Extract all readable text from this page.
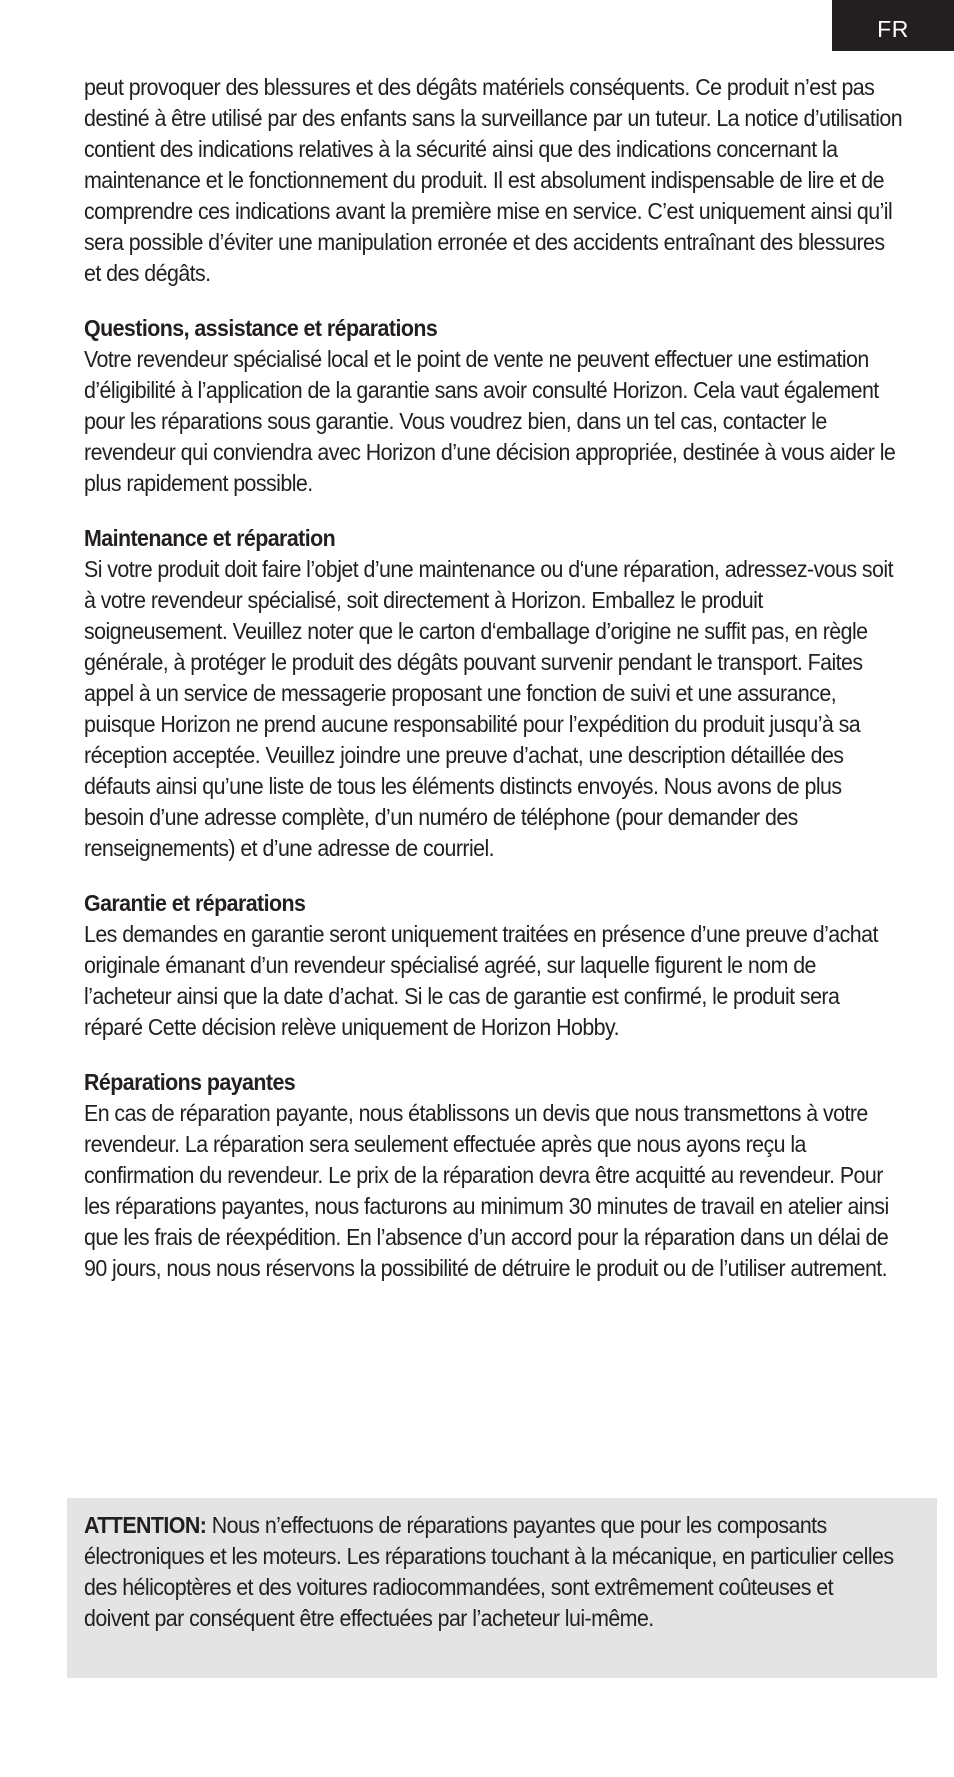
FR

peut provoquer des blessures et des dégâts matériels conséquents. Ce produit n’est pas destiné à être utilisé par des enfants sans la surveillance par un tuteur. La notice d’utilisation contient des indications relatives à la sécurité ainsi que des indications concernant la maintenance et le fonctionnement du produit. Il est absolument indispensable de lire et de comprendre ces indications avant la première mise en service. C’est uniquement ainsi qu’il sera possible d’éviter une manipulation erronée et des accidents entraînant des blessures et des dégâts.

Questions, assistance et réparations

Votre revendeur spécialisé local et le point de vente ne peuvent effectuer une estimation d’éligibilité à l’application de la garantie sans avoir consulté Horizon. Cela vaut également pour les réparations sous garantie. Vous voudrez bien, dans un tel cas, contacter le revendeur qui conviendra avec Horizon d’une décision appropriée, destinée à vous aider le plus rapidement possible.

Maintenance et réparation

Si votre produit doit faire l’objet d’une maintenance ou d‘une réparation, adressez-vous soit à votre revendeur spécialisé, soit directement à Horizon. Emballez le produit soigneusement. Veuillez noter que le carton d‘emballage d’origine ne suffit pas, en règle générale, à protéger le produit des dégâts pouvant survenir pendant le transport. Faites appel à un service de messagerie proposant une fonction de suivi et une assurance, puisque Horizon ne prend aucune responsabilité pour l’expédition du produit jusqu’à sa réception acceptée. Veuillez joindre une preuve d’achat, une description détaillée des défauts ainsi qu’une liste de tous les éléments distincts envoyés. Nous avons de plus besoin d’une adresse complète, d’un numéro de téléphone (pour demander des renseignements) et d’une adresse de courriel.

Garantie et réparations

Les demandes en garantie seront uniquement traitées en présence d’une preuve d’achat originale émanant d’un revendeur spécialisé agréé, sur laquelle figurent le nom de l’acheteur ainsi que la date d’achat. Si le cas de garantie est confirmé, le produit sera réparé Cette décision relève uniquement de Horizon Hobby.

Réparations payantes

En cas de réparation payante, nous établissons un devis que nous transmettons à votre revendeur. La réparation sera seulement effectuée après que nous ayons reçu la confirmation du revendeur. Le prix de la réparation devra être acquitté au revendeur. Pour les réparations payantes, nous facturons au minimum 30 minutes de travail en atelier ainsi que les frais de réexpédition. En l’absence d’un accord pour la réparation dans un délai de 90 jours, nous nous réservons la possibilité de détruire le produit ou de l’utiliser autrement.

ATTENTION: Nous n’effectuons de réparations payantes que pour les composants électroniques et les moteurs. Les réparations touchant à la mécanique, en particulier celles des hélicoptères et des voitures radiocommandées, sont extrêmement coûteuses et doivent par conséquent être effectuées par l’acheteur lui-même.
